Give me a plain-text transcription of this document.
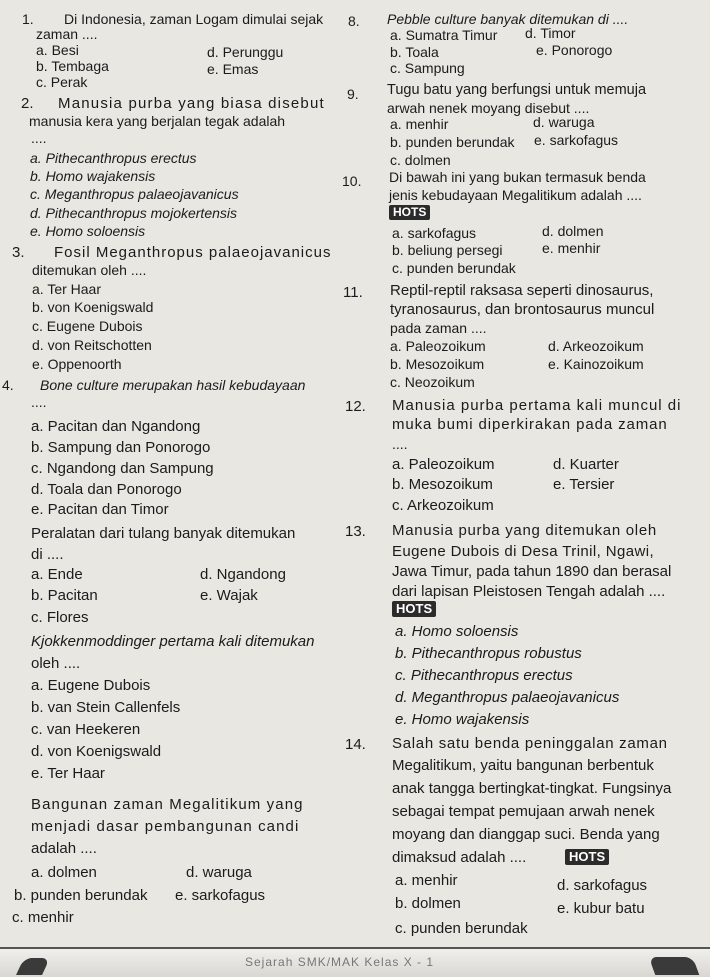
1. Di Indonesia, zaman Logam dimulai sejak
zaman ....
a. Besi	d. Perunggu
b. Tembaga	e. Emas
c. Perak
2. Manusia purba yang biasa disebut
manusia kera yang berjalan tegak adalah
....
a. Pithecanthropus erectus
b. Homo wajakensis
c. Meganthropus palaeojavanicus
d. Pithecanthropus mojokertensis
e. Homo soloensis
3. Fosil Meganthropus palaeojavanicus
ditemukan oleh ....
a. Ter Haar
b. von Koenigswald
c. Eugene Dubois
d. von Reitschotten
e. Oppenoorth
4. Bone culture merupakan hasil kebudayaan
....
a. Pacitan dan Ngandong
b. Sampung dan Ponorogo
c. Ngandong dan Sampung
d. Toala dan Ponorogo
e. Pacitan dan Timor
Peralatan dari tulang banyak ditemukan
di ....
a. Ende	d. Ngandong
b. Pacitan	e. Wajak
c. Flores
Kjokkenmoddinger pertama kali ditemukan
oleh ....
a. Eugene Dubois
b. van Stein Callenfels
c. van Heekeren
d. von Koenigswald
e. Ter Haar
Bangunan zaman Megalitikum yang
menjadi dasar pembangunan candi
adalah ....
a. dolmen	d. waruga
b. punden berundak e. sarkofagus
c. menhir
8. Pebble culture banyak ditemukan di ....
a. Sumatra Timur d. Timor
b. Toala	e. Ponorogo
c. Sampung
9. Tugu batu yang berfungsi untuk memuja
arwah nenek moyang disebut ....
a. menhir	d. waruga
b. punden berundak e. sarkofagus
c. dolmen
10. Di bawah ini yang bukan termasuk benda
jenis kebudayaan Megalitikum adalah ....
HOTS
a. sarkofagus	d. dolmen
b. beliung persegi	e. menhir
c. punden berundak
11. Reptil-reptil raksasa seperti dinosaurus,
tyranosaurus, dan brontosaurus muncul
pada zaman ....
a. Paleozoikum	d. Arkeozoikum
b. Mesozoikum	e. Kainozoikum
c. Neozoikum
12. Manusia purba pertama kali muncul di
muka bumi diperkirakan pada zaman
....
a. Paleozoikum	d. Kuarter
b. Mesozoikum	e. Tersier
c. Arkeozoikum
13. Manusia purba yang ditemukan oleh
Eugene Dubois di Desa Trinil, Ngawi,
Jawa Timur, pada tahun 1890 dan berasal
dari lapisan Pleistosen Tengah adalah ....
HOTS
a. Homo soloensis
b. Pithecanthropus robustus
c. Pithecanthropus erectus
d. Meganthropus palaeojavanicus
e. Homo wajakensis
14. Salah satu benda peninggalan zaman
Megalitikum, yaitu bangunan berbentuk
anak tangga bertingkat-tingkat. Fungsinya
sebagai tempat pemujaan arwah nenek
moyang dan dianggap suci. Benda yang
dimaksud adalah ....	HOTS
a. menhir	d. sarkofagus
b. dolmen	e. kubur batu
c. punden berundak
Sejarah SMK/MAK Kelas X - 1
